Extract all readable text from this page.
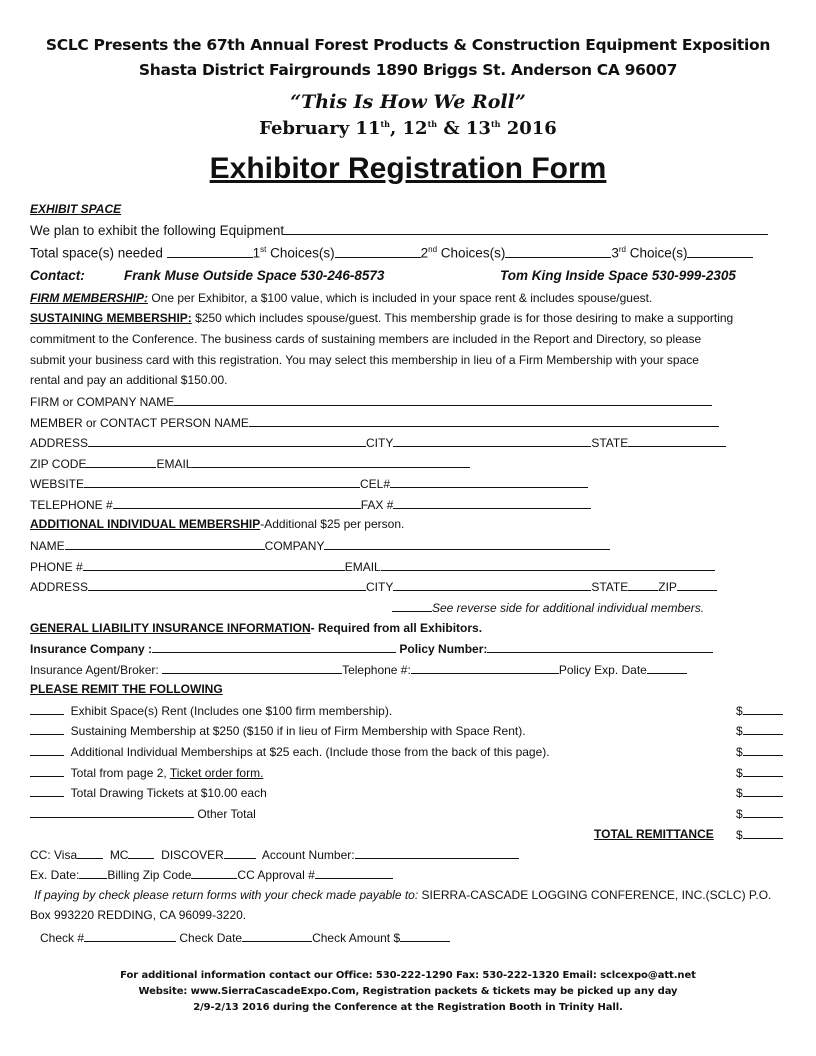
SCLC Presents the 67th Annual Forest Products & Construction Equipment Exposition
Shasta District Fairgrounds 1890 Briggs St. Anderson CA 96007
“This Is How We Roll”
February 11th, 12th & 13th 2016
Exhibitor Registration Form
EXHIBIT SPACE
We plan to exhibit the following Equipment
Total space(s) needed	1st Choices(s)	2nd Choices(s)	3rd Choice(s)
Contact:	Frank Muse Outside Space 530-246-8573	Tom King Inside Space 530-999-2305
FIRM MEMBERSHIP: One per Exhibitor, a $100 value, which is included in your space rent & includes spouse/guest.
SUSTAINING MEMBERSHIP: $250 which includes spouse/guest. This membership grade is for those desiring to make a supporting
commitment to the Conference. The business cards of sustaining members are included in the Report and Directory, so please
submit your business card with this registration. You may select this membership in lieu of a Firm Membership with your space
rental and pay an additional $150.00.
FIRM or COMPANY NAME
MEMBER or CONTACT PERSON NAME
ADDRESS	CITY	STATE
ZIP CODE	EMAIL
WEBSITE	CEL#
TELEPHONE #	FAX #
ADDITIONAL INDIVIDUAL MEMBERSHIP-Additional $25 per person.
NAME	COMPANY
PHONE #	EMAIL
ADDRESS	CITY	STATE	ZIP
See reverse side for additional individual members.
GENERAL LIABILITY INSURANCE INFORMATION- Required from all Exhibitors.
Insurance Company :	Policy Number:
Insurance Agent/Broker:	Telephone #:	Policy Exp. Date
PLEASE REMIT THE FOLLOWING
Exhibit Space(s) Rent (Includes one $100 firm membership).	$
Sustaining Membership at $250 ($150 if in lieu of Firm Membership with Space Rent).	$
Additional Individual Memberships at $25 each. (Include those from the back of this page).	$
Total from page 2, Ticket order form.	$
Total Drawing Tickets at $10.00 each	$
Other Total	$
TOTAL REMITTANCE $
CC: Visa	MC	DISCOVER	Account Number:
Ex. Date: Billing Zip Code	CC Approval #
If paying by check please return forms with your check made payable to: SIERRA-CASCADE LOGGING CONFERENCE, INC.(SCLC) P.O.
Box 993220 REDDING, CA 96099-3220.
Check #	Check Date	Check Amount $
For additional information contact our Office: 530-222-1290 Fax: 530-222-1320 Email: sclcexpo@att.net
Website: www.SierraCascadeExpo.Com, Registration packets & tickets may be picked up any day
2/9-2/13 2016 during the Conference at the Registration Booth in Trinity Hall.
